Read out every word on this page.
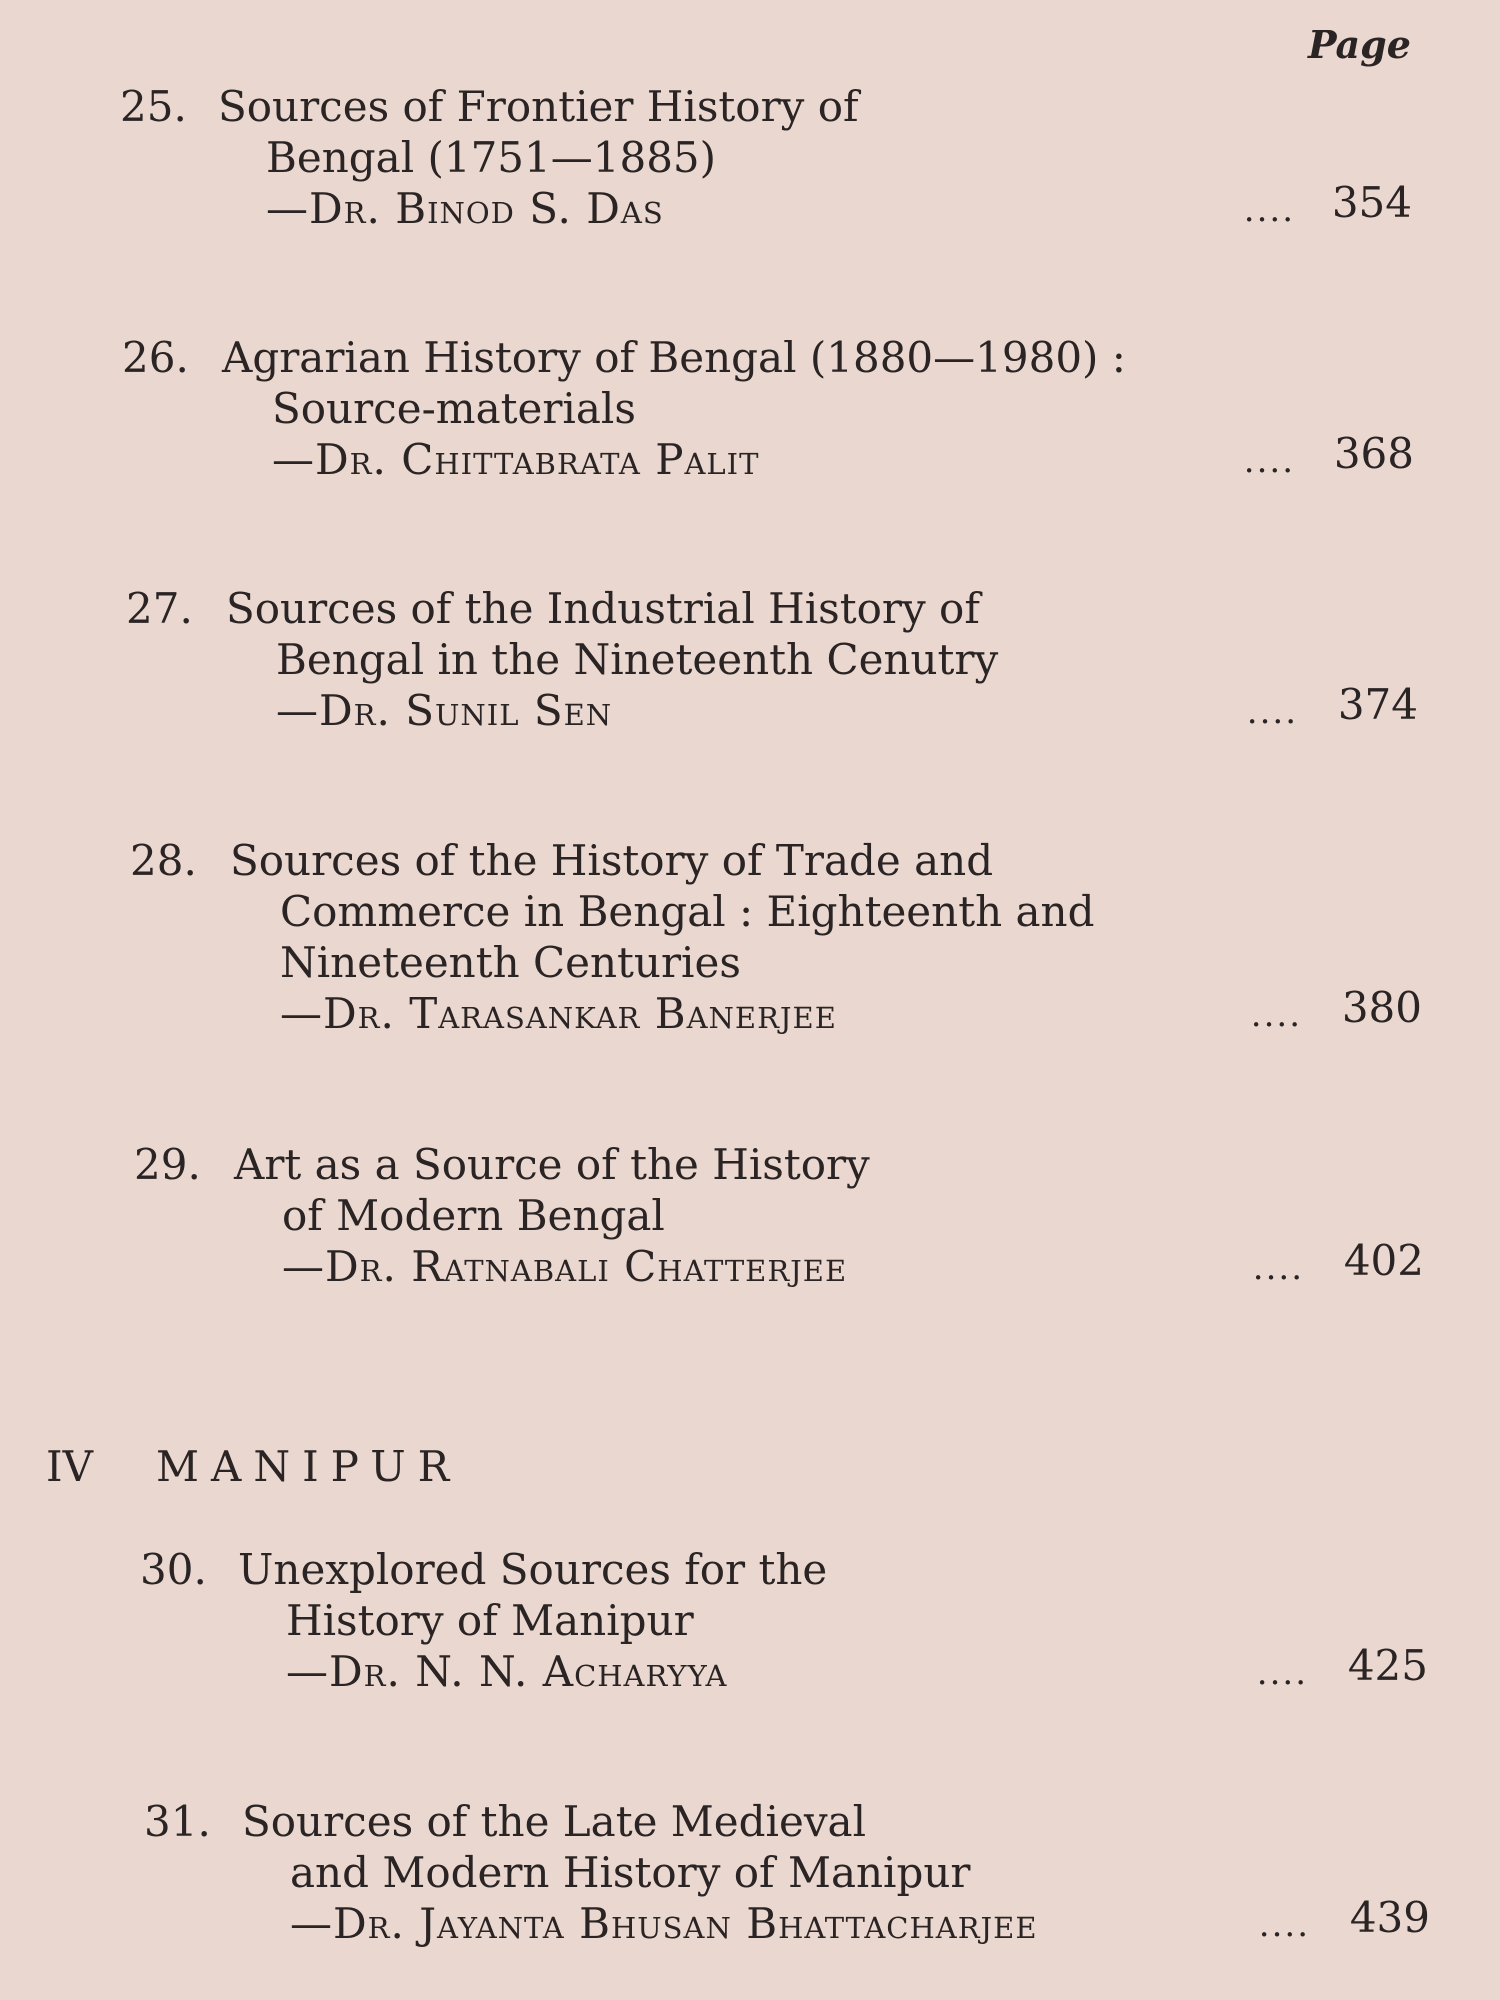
Page
25. Sources of Frontier History of
Bengal (1751—1885)
—Dr. Binod S. Das	.... 354
26. Agrarian History of Bengal (1880—1980) :
Source-materials
—Dr. Chittabrata Palit	.... 368
27. Sources of the Industrial History of
Bengal in the Nineteenth Cenutry
—Dr. Sunil Sen	.... 374
28. Sources of the History of Trade and
Commerce in Bengal : Eighteenth and
Nineteenth Centuries
—Dr. Tarasankar Banerjee	.... 380
29. Art as a Source of the History
of Modern Bengal
—Dr. Ratnabali Chatterjee	.... 402
IV MANIPUR
30. Unexplored Sources for the
History of Manipur
—Dr. N. N. Acharyya	.... 425
31. Sources of the Late Medieval
and Modern History of Manipur
—Dr. Jayanta Bhusan Bhattacharjee	.... 439
